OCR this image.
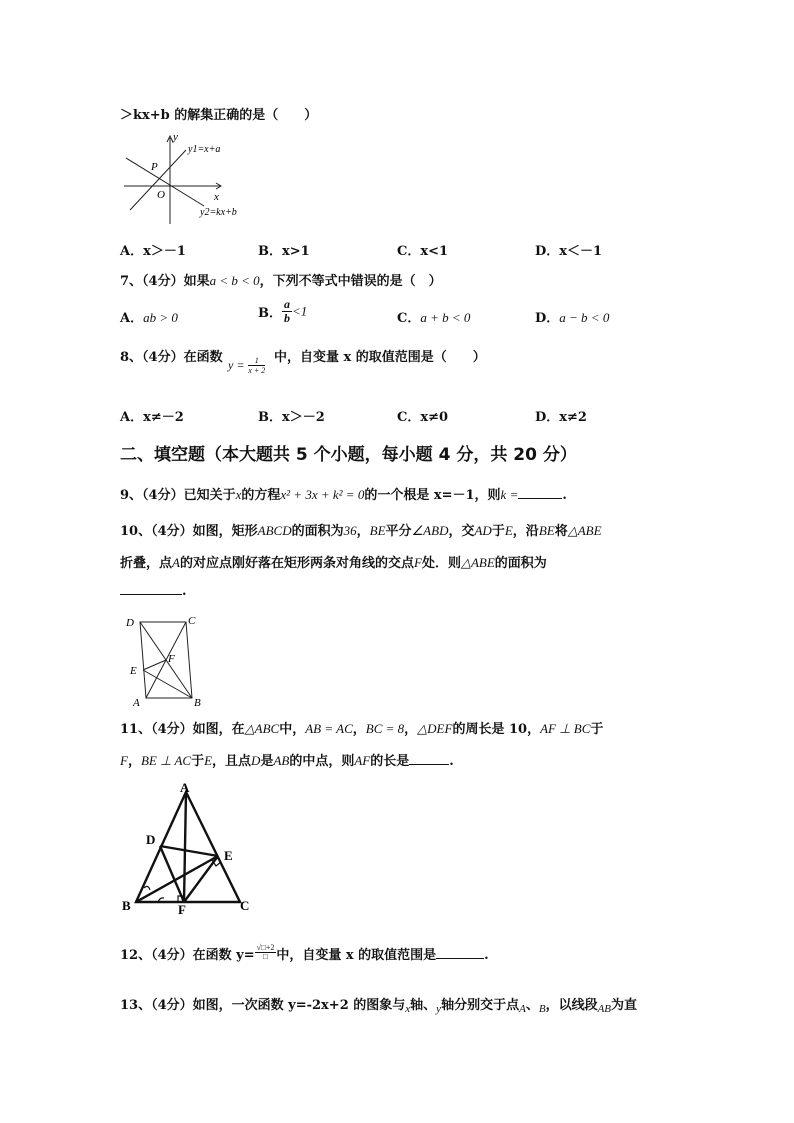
＞kx+b 的解集正确的是（　　）
y
x
O
P
y1=x+a
y2=kx+b
A．x＞－1	B．x>1	C．x<1	D．x＜－1
7、（4分）如果a < b < 0，下列不等式中错误的是（　）
A．ab > 0	B． $\frac{a}{b} <1$	C．a + b < 0	D．a − b < 0
8、（4分）在函数 $y = \frac{1}{x + 2}$ 中，自变量 x 的取值范围是（　　）
A．x≠－2	B．x＞－2	C．x≠0	D．x≠2
二、填空题（本大题共 5 个小题，每小题 4 分，共 20 分）
9、（4分）已知关于x的方程x² + 3x + k² = 0的一个根是 x=－1，则k =	.
10、（4分）如图，矩形ABCD的面积为36，BE平分∠ABD，交AD于E，沿BE将△ABE
折叠，点A的对应点刚好落在矩形两条对角线的交点F处．则△ABE的面积为
.
D	C
E
F
A	B
11、（4分）如图，在△ABC中，AB = AC，BC = 8，△DEF的周长是 10，AF ⊥ BC于
F，BE ⊥ AC于E，且点D是AB的中点，则AF的长是	.
A
D
E
B	F	C
12、（4分）在函数 $y= \frac{√□+2}{□}$ 中，自变量 x 的取值范围是	.
13、（4分）如图，一次函数 y=-2x+2 的图象与$_x$轴、$_y$轴分别交于点$_A$、$_B$，以线段$_{AB}$为直
